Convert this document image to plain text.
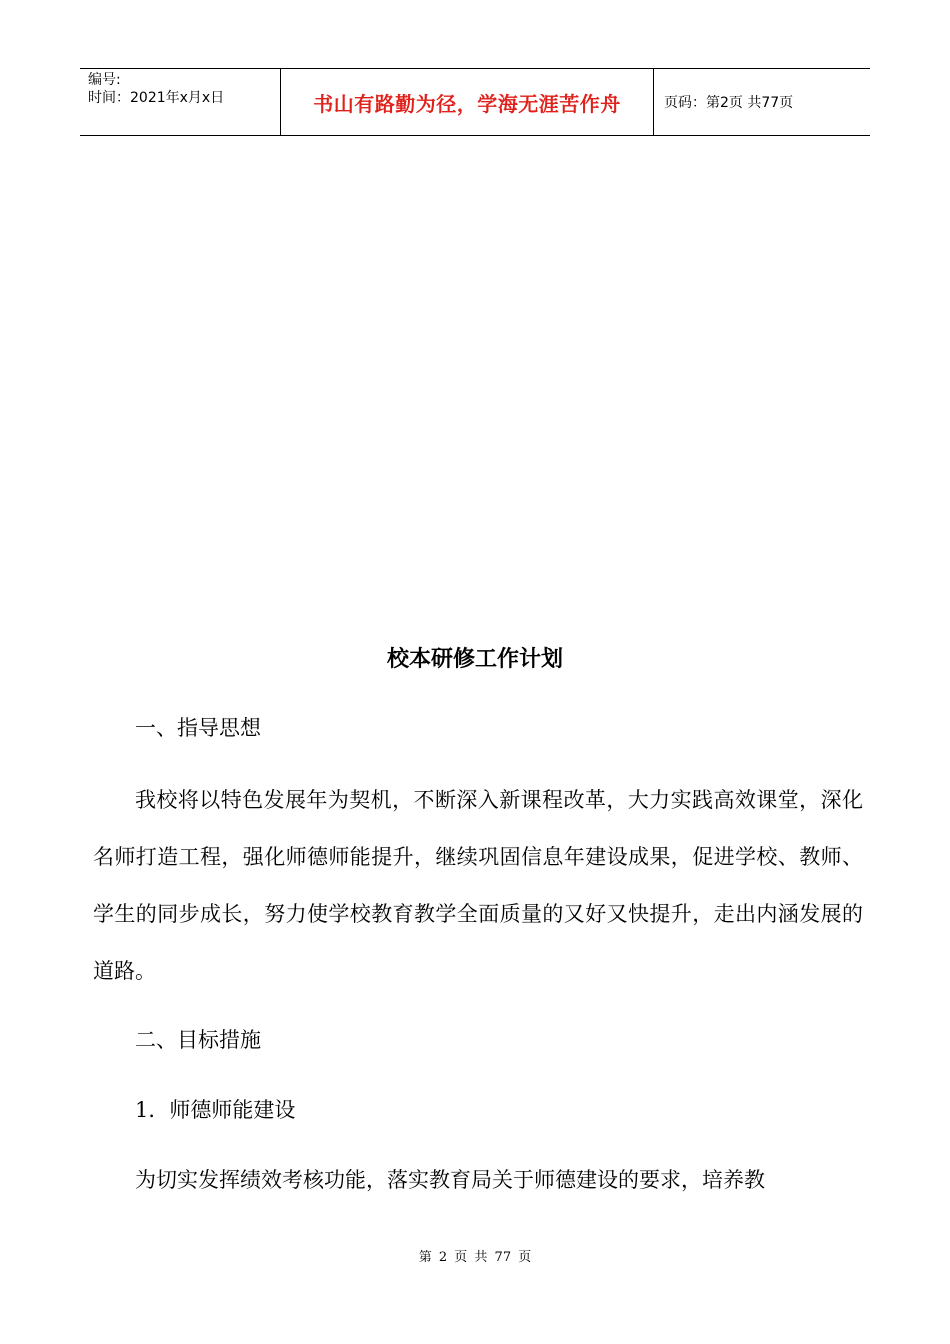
编号:
时间：2021年x月x日	书山有路勤为径，学海无涯苦作舟	页码：第2页 共77页
校本研修工作计划
一、指导思想
我校将以特色发展年为契机，不断深入新课程改革，大力实践高效课堂，深化名师打造工程，强化师德师能提升，继续巩固信息年建设成果，促进学校、教师、学生的同步成长，努力使学校教育教学全面质量的又好又快提升，走出内涵发展的道路。
二、目标措施
1．师德师能建设
为切实发挥绩效考核功能，落实教育局关于师德建设的要求，培养教
第 2 页 共 77 页
